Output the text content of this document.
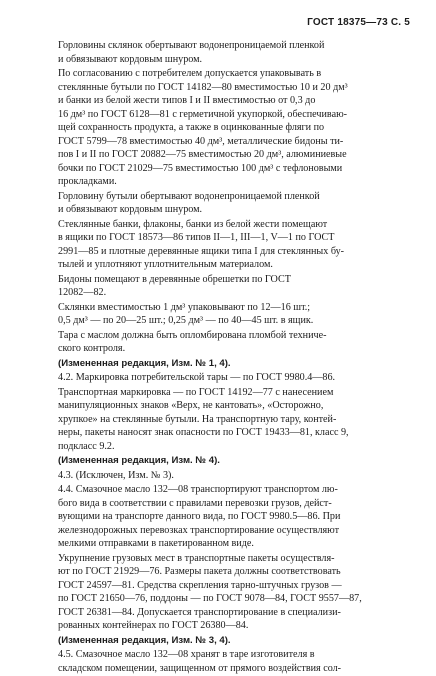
ГОСТ 18375—73 С. 5
Горловины склянок обертывают водонепроницаемой пленкой
и обвязывают кордовым шнуром.
По согласованию с потребителем допускается упаковывать в
стеклянные бутыли по ГОСТ 14182—80 вместимостью 10 и 20 дм³
и банки из белой жести типов I и II вместимостью от 0,3 до
16 дм³ по ГОСТ 6128—81 с герметичной укупоркой, обеспечиваю-
щей сохранность продукта, а также в оцинкованные фляги по
ГОСТ 5799—78 вместимостью 40 дм³, металлические бидоны ти-
пов I и II по ГОСТ 20882—75 вместимостью 20 дм³, алюминиевые
бочки по ГОСТ 21029—75 вместимостью 100 дм³ с тефлоновыми
прокладками.
Горловину бутыли обертывают водонепроницаемой пленкой
и обвязывают кордовым шнуром.
Стеклянные банки, флаконы, банки из белой жести помещают
в ящики по ГОСТ 18573—86 типов II—1, III—1, V—1 по ГОСТ
2991—85 и плотные деревянные ящики типа I для стеклянных бу-
тылей и уплотняют уплотнительным материалом.
Бидоны помещают в деревянные обрешетки по ГОСТ
12082—82.
Склянки вместимостью 1 дм³ упаковывают по 12—16 шт.;
0,5 дм³ — по 20—25 шт.; 0,25 дм³ — по 40—45 шт. в ящик.
Тара с маслом должна быть опломбирована пломбой техниче-
ского контроля.
(Измененная редакция, Изм. № 1, 4).
4.2. Маркировка потребительской тары — по ГОСТ 9980.4—86.
Транспортная маркировка — по ГОСТ 14192—77 с нанесением
манипуляционных знаков «Верх, не кантовать», «Осторожно,
хрупкое» на стеклянные бутыли. На транспортную тару, контей-
неры, пакеты наносят знак опасности по ГОСТ 19433—81, класс 9,
подкласс 9.2.
(Измененная редакция, Изм. № 4).
4.3. (Исключен, Изм. № 3).
4.4. Смазочное масло 132—08 транспортируют транспортом лю-
бого вида в соответствии с правилами перевозки грузов, дейст-
вующими на транспорте данного вида, по ГОСТ 9980.5—86. При
железнодорожных перевозках транспортирование осуществляют
мелкими отправками в пакетированном виде.
Укрупнение грузовых мест в транспортные пакеты осуществля-
ют по ГОСТ 21929—76. Размеры пакета должны соответствовать
ГОСТ 24597—81. Средства скрепления тарно-штучных грузов —
по ГОСТ 21650—76, поддоны — по ГОСТ 9078—84, ГОСТ 9557—87,
ГОСТ 26381—84. Допускается транспортирование в специализи-
рованных контейнерах по ГОСТ 26380—84.
(Измененная редакция, Изм. № 3, 4).
4.5. Смазочное масло 132—08 хранят в таре изготовителя в
складском помещении, защищенном от прямого воздействия сол-
